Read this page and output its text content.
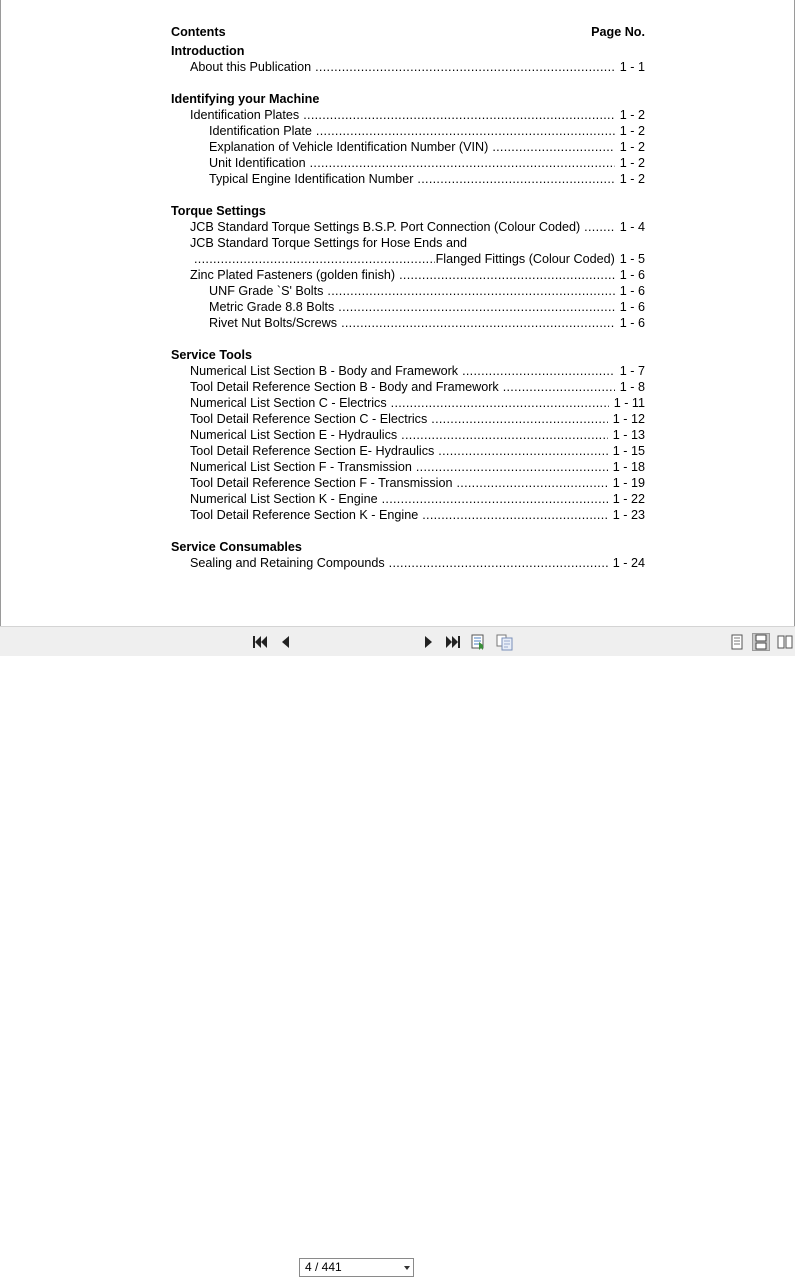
Contents	Page No.
Introduction
About this Publication . . .	1 - 1
Identifying your Machine
Identification Plates . . .	1 - 2
Identification Plate . . .	1 - 2
Explanation of Vehicle Identification Number (VIN) . . .	1 - 2
Unit Identification . . .	1 - 2
Typical Engine Identification Number . . .	1 - 2
Torque Settings
JCB Standard Torque Settings B.S.P. Port Connection (Colour Coded) . . .	1 - 4
JCB Standard Torque Settings for Hose Ends and
. . .
Flanged Fittings (Colour Coded) 1 - 5
Zinc Plated Fasteners (golden finish) . . .	1 - 6
UNF Grade `S' Bolts . . .	1 - 6
Metric Grade 8.8 Bolts . . .	1 - 6
Rivet Nut Bolts/Screws . . .	1 - 6
Service Tools
Numerical List Section B - Body and Framework . . .	1 - 7
Tool Detail Reference Section B - Body and Framework . . .	1 - 8
Numerical List Section C - Electrics . . .	1 - 11
Tool Detail Reference Section C - Electrics . . .	1 - 12
Numerical List Section E - Hydraulics . . .	1 - 13
Tool Detail Reference Section E- Hydraulics . . .	1 - 15
Numerical List Section F - Transmission . . .	1 - 18
Tool Detail Reference Section F - Transmission . . .	1 - 19
Numerical List Section K - Engine . . .	1 - 22
Tool Detail Reference Section K - Engine . . .	1 - 23
Service Consumables
Sealing and Retaining Compounds . . .	1 - 24
4 / 441
